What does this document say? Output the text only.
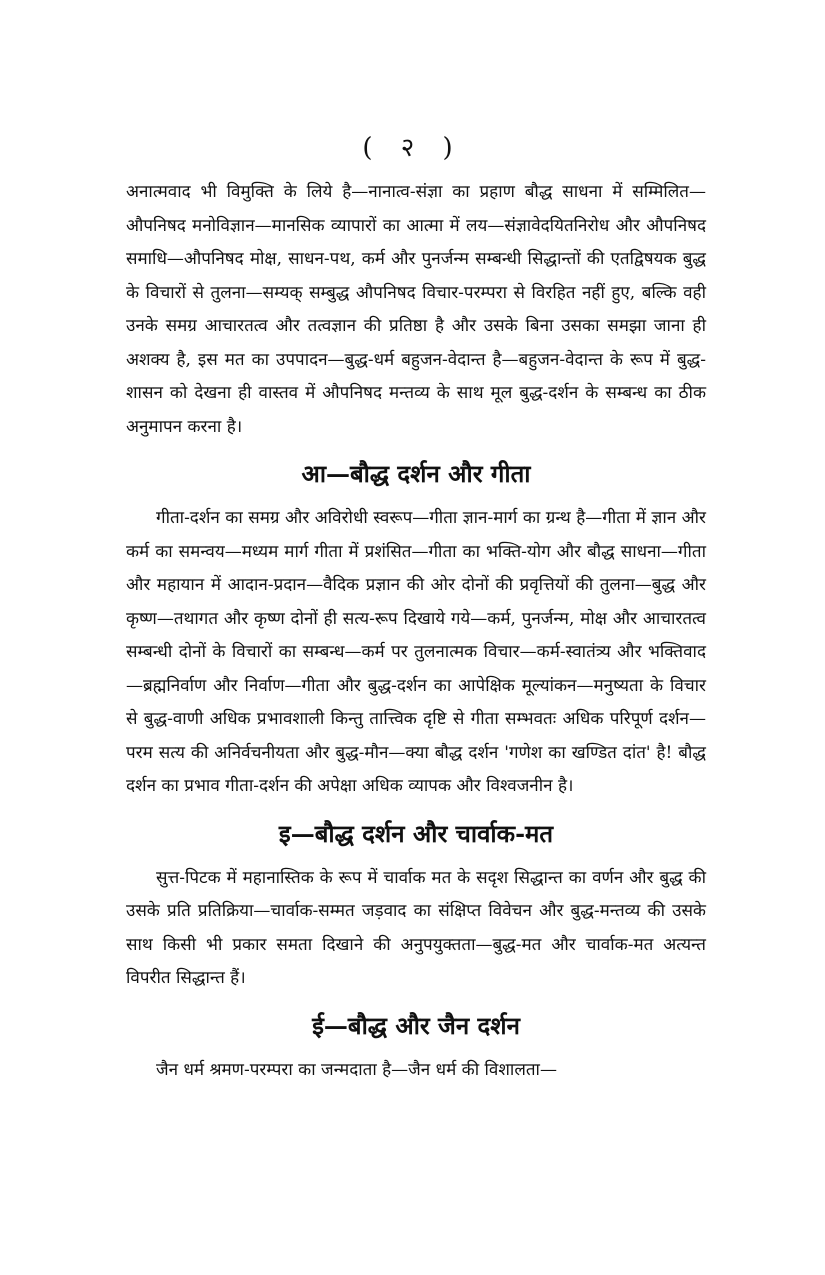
( २ )

अनात्मवाद भी विमुक्ति के लिये है—नानात्व-संज्ञा का प्रहाण बौद्ध साधना में सम्मिलित—औपनिषद मनोविज्ञान—मानसिक व्यापारों का आत्मा में लय—संज्ञावेदयितनिरोध और औपनिषद समाधि—औपनिषद मोक्ष, साधन-पथ, कर्म और पुनर्जन्म सम्बन्धी सिद्धान्तों की एतद्विषयक बुद्ध के विचारों से तुलना—सम्यक् सम्बुद्ध औपनिषद विचार-परम्परा से विरहित नहीं हुए, बल्कि वही उनके समग्र आचारतत्व और तत्वज्ञान की प्रतिष्ठा है और उसके बिना उसका समझा जाना ही अशक्य है, इस मत का उपपादन—बुद्ध-धर्म बहुजन-वेदान्त है—बहुजन-वेदान्त के रूप में बुद्ध-शासन को देखना ही वास्तव में औपनिषद मन्तव्य के साथ मूल बुद्ध-दर्शन के सम्बन्ध का ठीक अनुमापन करना है।

आ—बौद्ध दर्शन और गीता

गीता-दर्शन का समग्र और अविरोधी स्वरूप—गीता ज्ञान-मार्ग का ग्रन्थ है—गीता में ज्ञान और कर्म का समन्वय—मध्यम मार्ग गीता में प्रशंसित—गीता का भक्ति-योग और बौद्ध साधना—गीता और महायान में आदान-प्रदान—वैदिक प्रज्ञान की ओर दोनों की प्रवृत्तियों की तुलना—बुद्ध और कृष्ण—तथागत और कृष्ण दोनों ही सत्य-रूप दिखाये गये—कर्म, पुनर्जन्म, मोक्ष और आचारतत्व सम्बन्धी दोनों के विचारों का सम्बन्ध—कर्म पर तुलनात्मक विचार—कर्म-स्वातंत्र्य और भक्तिवाद—ब्रह्मनिर्वाण और निर्वाण—गीता और बुद्ध-दर्शन का आपेक्षिक मूल्यांकन—मनुष्यता के विचार से बुद्ध-वाणी अधिक प्रभावशाली किन्तु तात्त्विक दृष्टि से गीता सम्भवतः अधिक परिपूर्ण दर्शन—परम सत्य की अनिर्वचनीयता और बुद्ध-मौन—क्या बौद्ध दर्शन 'गणेश का खण्डित दांत' है! बौद्ध दर्शन का प्रभाव गीता-दर्शन की अपेक्षा अधिक व्यापक और विश्वजनीन है।

इ—बौद्ध दर्शन और चार्वाक-मत

सुत्त-पिटक में महानास्तिक के रूप में चार्वाक मत के सदृश सिद्धान्त का वर्णन और बुद्ध की उसके प्रति प्रतिक्रिया—चार्वाक-सम्मत जड़वाद का संक्षिप्त विवेचन और बुद्ध-मन्तव्य की उसके साथ किसी भी प्रकार समता दिखाने की अनुपयुक्तता—बुद्ध-मत और चार्वाक-मत अत्यन्त विपरीत सिद्धान्त हैं।

ई—बौद्ध और जैन दर्शन

जैन धर्म श्रमण-परम्परा का जन्मदाता है—जैन धर्म की विशालता—
